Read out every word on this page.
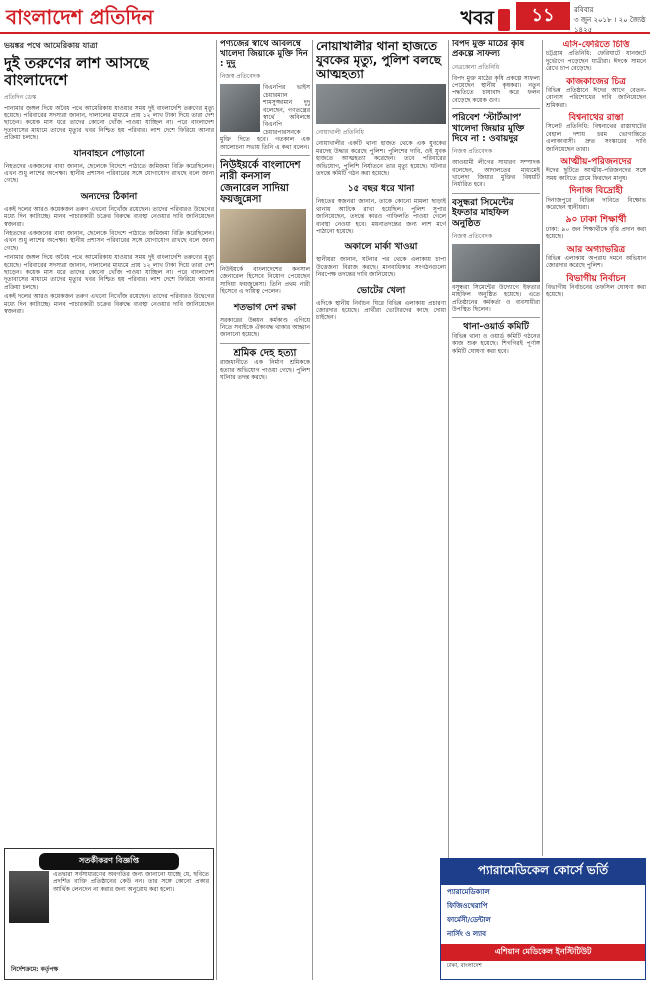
বাংলাদেশ প্রতিদিন	খবর	১১	রবিবার
৩ জুন ২০১৮ । ২০ জ্যৈষ্ঠ ১৪২৫
ভয়ঙ্কর পথে আমেরিকায় যাত্রা
দুই তরুণের লাশ আসছে বাংলাদেশে
প্রতিদিন ডেস্ক
পানামার জঙ্গল দিয়ে অবৈধ পথে আমেরিকায় যাওয়ার সময় দুই বাংলাদেশি তরুণের মৃত্যু হয়েছে। পরিবারের সদস্যরা জানান, দালালের মাধ্যমে প্রায় ১২ লাখ টাকা দিয়ে তারা দেশ ছাড়েন। কয়েক মাস ধরে তাদের কোনো খোঁজ পাওয়া যাচ্ছিল না। পরে বাংলাদেশ দূতাবাসের মাধ্যমে তাদের মৃত্যুর খবর নিশ্চিত হয় পরিবার। লাশ দেশে ফিরিয়ে আনার প্রক্রিয়া চলছে।
যানবাহনে পোড়ানো
নিহতদের একজনের বাবা জানান, ছেলেকে বিদেশে পাঠাতে জমিজমা বিক্রি করেছিলেন। এখন শুধু লাশের অপেক্ষা। স্থানীয় প্রশাসন পরিবারের সঙ্গে যোগাযোগ রাখছে বলে জানা গেছে।
অন্যদের ঠিকানা
একই দলের আরও কয়েকজন তরুণ এখনো নিখোঁজ রয়েছেন। তাদের পরিবারও উদ্বেগের মধ্যে দিন কাটাচ্ছে। মানব পাচারকারী চক্রের বিরুদ্ধে ব্যবস্থা নেওয়ার দাবি জানিয়েছেন স্বজনরা।
নিহতদের একজনের বাবা জানান, ছেলেকে বিদেশে পাঠাতে জমিজমা বিক্রি করেছিলেন। এখন শুধু লাশের অপেক্ষা। স্থানীয় প্রশাসন পরিবারের সঙ্গে যোগাযোগ রাখছে বলে জানা গেছে।
পানামার জঙ্গল দিয়ে অবৈধ পথে আমেরিকায় যাওয়ার সময় দুই বাংলাদেশি তরুণের মৃত্যু হয়েছে। পরিবারের সদস্যরা জানান, দালালের মাধ্যমে প্রায় ১২ লাখ টাকা দিয়ে তারা দেশ ছাড়েন। কয়েক মাস ধরে তাদের কোনো খোঁজ পাওয়া যাচ্ছিল না। পরে বাংলাদেশ দূতাবাসের মাধ্যমে তাদের মৃত্যুর খবর নিশ্চিত হয় পরিবার। লাশ দেশে ফিরিয়ে আনার প্রক্রিয়া চলছে।
একই দলের আরও কয়েকজন তরুণ এখনো নিখোঁজ রয়েছেন। তাদের পরিবারও উদ্বেগের মধ্যে দিন কাটাচ্ছে। মানব পাচারকারী চক্রের বিরুদ্ধে ব্যবস্থা নেওয়ার দাবি জানিয়েছেন স্বজনরা।
পণ্যজের স্বার্থে অবিলম্বে খালেদা জিয়াকে মুক্তি দিন : দুদু
নিজস্ব প্রতিবেদক
বিএনপির ভাইস চেয়ারম্যান শামসুজ্জামান দুদু বলেছেন, গণতন্ত্রের স্বার্থে অবিলম্বে বিএনপি চেয়ারপারসনকে মুক্তি দিতে হবে। গতকাল এক আলোচনা সভায় তিনি এ কথা বলেন।
নিউইয়র্কে বাংলাদেশ নারী কনসাল জেনারেল সাদিয়া ফয়জুন্নেসা
নিউইয়র্কে বাংলাদেশের কনসাল জেনারেল হিসেবে নিয়োগ পেয়েছেন সাদিয়া ফয়জুন্নেসা। তিনি প্রথম নারী হিসেবে এ দায়িত্ব পেলেন।
শতভাগ দেশ রক্ষা
সরকারের উন্নয়ন কর্মকাণ্ড এগিয়ে নিতে সবাইকে ঐক্যবদ্ধ থাকার আহ্বান জানানো হয়েছে।
শ্রমিক দেহ হত্যা
রাজধানীতে এক নির্মাণ শ্রমিককে হত্যার অভিযোগ পাওয়া গেছে। পুলিশ ঘটনার তদন্ত করছে।
নোয়াখালীর থানা হাজতে যুবকের মৃত্যু, পুলিশ বলছে আত্মহত্যা
নোয়াখালী প্রতিনিধি
নোয়াখালীর একটি থানা হাজত থেকে এক যুবকের মরদেহ উদ্ধার করেছে পুলিশ। পুলিশের দাবি, ওই যুবক হাজতে আত্মহত্যা করেছেন। তবে পরিবারের অভিযোগ, পুলিশি নির্যাতনে তার মৃত্যু হয়েছে। ঘটনার তদন্তে কমিটি গঠন করা হয়েছে।
১৫ বছর ধরে খানা
নিহতের স্বজনরা জানান, তাকে কোনো মামলা ছাড়াই থানায় আটকে রাখা হয়েছিল। পুলিশ সুপার জানিয়েছেন, তদন্তে কারও গাফিলতি পাওয়া গেলে ব্যবস্থা নেওয়া হবে। ময়নাতদন্তের জন্য লাশ মর্গে পাঠানো হয়েছে।
অকালে মার্কা খাওয়া
স্থানীয়রা জানান, ঘটনার পর থেকে এলাকায় চাপা উত্তেজনা বিরাজ করছে। মানবাধিকার সংগঠনগুলো নিরপেক্ষ তদন্তের দাবি জানিয়েছে।
ভোটের খেলা
এদিকে স্থানীয় নির্বাচন ঘিরে বিভিন্ন এলাকায় প্রচারণা জোরদার হয়েছে। প্রার্থীরা ভোটারদের কাছে দোয়া চাইছেন।
বিপদ মুক্ত মাঠের কৃষি প্রকল্পে সাফল্য
নেত্রকোনা প্রতিনিধি
বিপদ মুক্ত মাঠের কৃষি প্রকল্পে সাফল্য পেয়েছেন স্থানীয় কৃষকরা। নতুন পদ্ধতিতে চাষাবাদ করে ফলন বেড়েছে কয়েক গুণ।
পরিবেশ ‘স্টার্টআপ’ খালেদা জিয়ার মুক্তি দিবে না : ওবায়দুর
নিজস্ব প্রতিবেদক
আওয়ামী লীগের সাধারণ সম্পাদক বলেছেন, আদালতের মাধ্যমেই খালেদা জিয়ার মুক্তির বিষয়টি নির্ধারিত হবে।
বসুন্ধরা সিমেন্টের ইফতার মাহফিল অনুষ্ঠিত
নিজস্ব প্রতিবেদক
বসুন্ধরা সিমেন্টের উদ্যোগে ইফতার মাহফিল অনুষ্ঠিত হয়েছে। এতে প্রতিষ্ঠানের কর্মকর্তা ও ব্যবসায়ীরা উপস্থিত ছিলেন।
থানা-ওয়ার্ড কমিটি
বিভিন্ন থানা ও ওয়ার্ড কমিটি গঠনের কাজ শুরু হয়েছে। শিগগিরই পূর্ণাঙ্গ কমিটি ঘোষণা করা হবে।
এসি-ফেরিতে চিত্তি
চট্টগ্রাম প্রতিনিধি: ফেরিঘাটে যানজটে দুর্ভোগে পড়েছেন যাত্রীরা। ঈদকে সামনে রেখে চাপ বেড়েছে।
কাজকাজের চিত্র
বিভিন্ন প্রতিষ্ঠানে ঈদের আগে বেতন-বোনাস পরিশোধের দাবি জানিয়েছেন শ্রমিকরা।
বিশ্বনাথের রাস্তা
সিলেট প্রতিনিধি: বিশ্বনাথের রাস্তাঘাটের বেহাল দশায় চরম ভোগান্তিতে এলাকাবাসী। দ্রুত সংস্কারের দাবি জানিয়েছেন তারা।
আত্মীয়-পরিজনদের
ঈদের ছুটিতে আত্মীয়-পরিজনদের সঙ্গে সময় কাটাতে গ্রামে ফিরছেন মানুষ।
দিনাজ বিদ্রোহী
দিনাজপুরে বিভিন্ন দাবিতে বিক্ষোভ করেছেন স্থানীয়রা।
৯০ ঢাকা শিক্ষার্থী
ঢাকা: ৯০ জন শিক্ষার্থীকে বৃত্তি প্রদান করা হয়েছে।
আর অগ্যাভরিত্র
বিভিন্ন এলাকায় অপরাধ দমনে অভিযান জোরদার করেছে পুলিশ।
বিভাগীয় নির্বাচন
বিভাগীয় নির্বাচনের তফসিল ঘোষণা করা হয়েছে।
সতর্কীকরণ বিজ্ঞপ্তি
এতদ্বারা সর্বসাধারণের অবগতির জন্য জানানো যাচ্ছে যে, ছবিতে প্রদর্শিত ব্যক্তি প্রতিষ্ঠানের কেউ নন। তার সঙ্গে কোনো প্রকার আর্থিক লেনদেন না করার জন্য অনুরোধ করা হলো।
নির্দেশক্রমে: কর্তৃপক্ষ
প্যারামেডিকেল কোর্সে ভর্তি
প্যারামেডিক্যাল
ফিজিওথেরাপি
ফার্মেসী/ডেন্টাল
নার্সিং ও ল্যাব
এশিয়ান মেডিকেল ইনস্টিটিউট
ঢাকা, বাংলাদেশ
